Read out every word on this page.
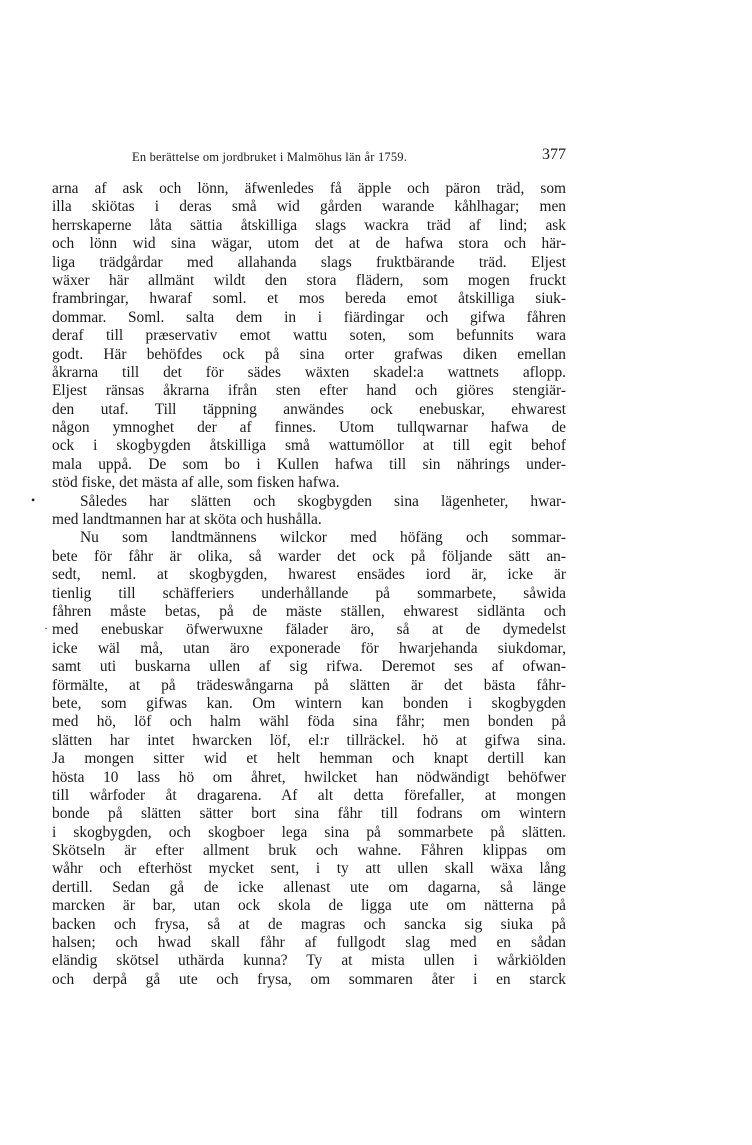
En berättelse om jordbruket i Malmöhus län år 1759.	377
arna af ask och lönn, äfwenledes få äpple och päron träd, som
illa skiötas i deras små wid gården warande kåhlhagar; men
herrskaperne låta sättia åtskilliga slags wackra träd af lind; ask
och lönn wid sina wägar, utom det at de hafwa stora och här-
liga trädgårdar med allahanda slags fruktbärande träd. Eljest
wäxer här allmänt wildt den stora flädern, som mogen fruckt
frambringar, hwaraf soml. et mos bereda emot åtskilliga siuk-
dommar. Soml. salta dem in i fiärdingar och gifwa fåhren
deraf till præservativ emot wattu soten, som befunnits wara
godt. Här behöfdes ock på sina orter grafwas diken emellan
åkrarna till det för sädes wäxten skadel:a wattnets aflopp.
Eljest ränsas åkrarna ifrån sten efter hand och giöres stengiär-
den utaf. Till täppning anwändes ock enebuskar, ehwarest
någon ymnoghet der af finnes. Utom tullqwarnar hafwa de
ock i skogbygden åtskilliga små wattumöllor at till egit behof
mala uppå. De som bo i Kullen hafwa till sin nährings under-
stöd fiske, det mästa af alle, som fisken hafwa.
•	Således har slätten och skogbygden sina lägenheter, hwar-
med landtmannen har at sköta och hushålla.
Nu som landtmännens wilckor med höfäng och sommar-
bete för fåhr är olika, så warder det ock på följande sätt an-
sedt, neml. at skogbygden, hwarest ensädes iord är, icke är
tienlig till schäfferiers underhållande på sommarbete, såwida
fåhren måste betas, på de mäste ställen, ehwarest sidlänta och
· med enebuskar öfwerwuxne fälader äro, så at de dymedelst
icke wäl må, utan äro exponerade för hwarjehanda siukdomar,
samt uti buskarna ullen af sig rifwa. Deremot ses af ofwan-
förmälte, at på trädeswångarna på slätten är det bästa fåhr-
bete, som gifwas kan. Om wintern kan bonden i skogbygden
med hö, löf och halm wähl föda sina fåhr; men bonden på
slätten har intet hwarcken löf, el:r tillräckel. hö at gifwa sina.
Ja mongen sitter wid et helt hemman och knapt dertill kan
hösta 10 lass hö om åhret, hwilcket han nödwändigt behöfwer
till wårfoder åt dragarena. Af alt detta förefaller, at mongen
bonde på slätten sätter bort sina fåhr till fodrans om wintern
i skogbygden, och skogboer lega sina på sommarbete på slätten.
Skötseln är efter allment bruk och wahne. Fåhren klippas om
wåhr och efterhöst mycket sent, i ty att ullen skall wäxa lång
dertill. Sedan gå de icke allenast ute om dagarna, så länge
marcken är bar, utan ock skola de ligga ute om nätterna på
backen och frysa, så at de magras och sancka sig siuka på
halsen; och hwad skall fåhr af fullgodt slag med en sådan
eländig skötsel uthärda kunna? Ty at mista ullen i wårkiölden
och derpå gå ute och frysa, om sommaren åter i en starck
